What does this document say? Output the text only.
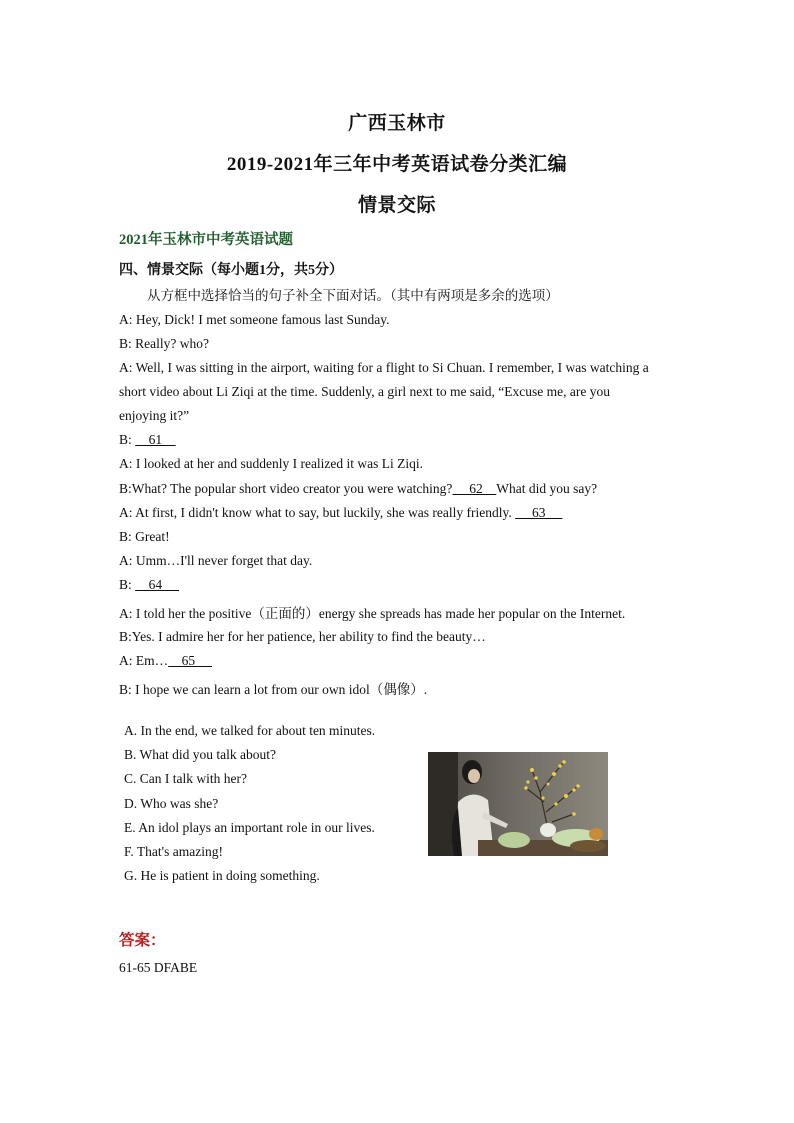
广西玉林市
2019-2021年三年中考英语试卷分类汇编
情景交际
2021年玉林市中考英语试题
四、情景交际（每小题1分，共5分）
从方框中选择恰当的句子补全下面对话。（其中有两项是多余的选项）
A: Hey, Dick! I met someone famous last Sunday.
B: Really? who?
A: Well, I was sitting in the airport, waiting for a flight to Si Chuan. I remember, I was watching a
short video about Li Ziqi at the time. Suddenly, a girl next to me said, “Excuse me, are you
enjoying it?”
B:     61
A: I looked at her and suddenly I realized it was Li Ziqi.
B:What? The popular short video creator you were watching?     62    What did you say?
A: At first, I didn't know what to say, but luckily, she was really friendly.      63
B: Great!
A: Umm…I'll never forget that day.
B:     64
A: I told her the positive（正面的）energy she spreads has made her popular on the Internet.
B:Yes. I admire her for her patience, her ability to find the beauty…
A: Em…    65
B: I hope we can learn a lot from our own idol（偶像）.
A. In the end, we talked for about ten minutes.
B. What did you talk about?
C. Can I talk with her?
D. Who was she?
E. An idol plays an important role in our lives.
F. That's amazing!
G. He is patient in doing something.
答案：
61-65 DFABE
